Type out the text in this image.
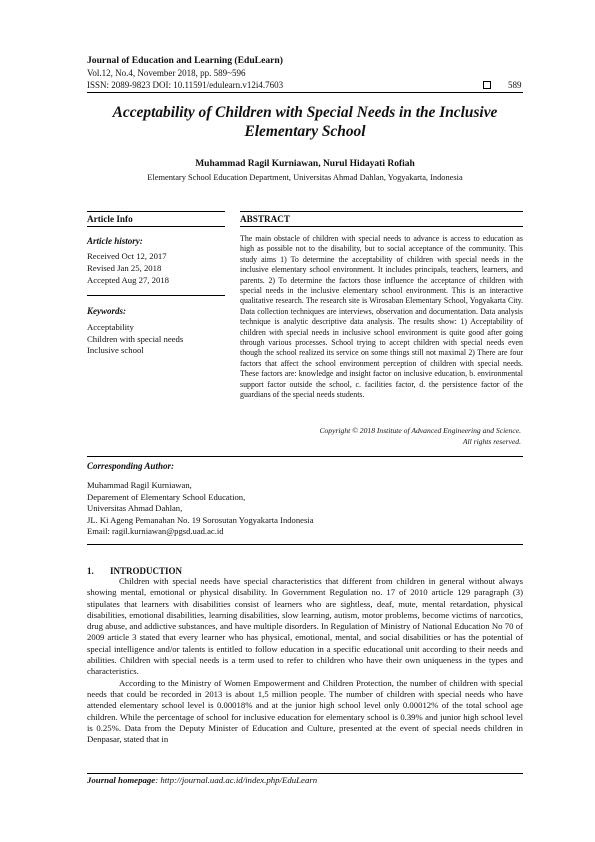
Journal of Education and Learning (EduLearn)
Vol.12, No.4, November 2018, pp. 589~596
ISSN: 2089-9823 DOI: 10.11591/edulearn.v12i4.7603	589
Acceptability of Children with Special Needs in the Inclusive Elementary School
Muhammad Ragil Kurniawan, Nurul Hidayati Rofiah
Elementary School Education Department, Universitas Ahmad Dahlan, Yogyakarta, Indonesia
Article Info	ABSTRACT
Article history:
Received Oct 12, 2017
Revised Jan 25, 2018
Accepted Aug 27, 2018
Keywords:
Acceptability
Children with special needs
Inclusive school
The main obstacle of children with special needs to advance is access to education as high as possible not to the disability, but to social acceptance of the community. This study aims 1) To determine the acceptability of children with special needs in the inclusive elementary school environment. It includes principals, teachers, learners, and parents. 2) To determine the factors those influence the acceptance of children with special needs in the inclusive elementary school environment. This is an interactive qualitative research. The research site is Wirosaban Elementary School, Yogyakarta City. Data collection techniques are interviews, observation and documentation. Data analysis technique is analytic descriptive data analysis. The results show: 1) Acceptability of children with special needs in inclusive school environment is quite good after going through various processes. School trying to accept children with special needs even though the school realized its service on some things still not maximal 2) There are four factors that affect the school environment perception of children with special needs. These factors are: knowledge and insight factor on inclusive education, b. environmental support factor outside the school, c. facilities factor, d. the persistence factor of the guardians of the special needs students.
Copyright © 2018 Institute of Advanced Engineering and Science.
All rights reserved.
Corresponding Author:
Muhammad Ragil Kurniawan,
Deparement of Elementary School Education,
Universitas Ahmad Dahlan,
JL. Ki Ageng Pemanahan No. 19 Sorosutan Yogyakarta Indonesia
Email: ragil.kurniawan@pgsd.uad.ac.id
1. INTRODUCTION

Children with special needs have special characteristics that different from children in general without always showing mental, emotional or physical disability. In Government Regulation no. 17 of 2010 article 129 paragraph (3) stipulates that learners with disabilities consist of learners who are sightless, deaf, mute, mental retardation, physical disabilities, emotional disabilities, learning disabilities, slow learning, autism, motor problems, become victims of narcotics, drug abuse, and addictive substances, and have multiple disorders. In Regulation of Ministry of National Education No 70 of 2009 article 3 stated that every learner who has physical, emotional, mental, and social disabilities or has the potential of special intelligence and/or talents is entitled to follow education in a specific educational unit according to their needs and abilities. Children with special needs is a term used to refer to children who have their own uniqueness in the types and characteristics.

According to the Ministry of Women Empowerment and Children Protection, the number of children with special needs that could be recorded in 2013 is about 1,5 million people. The number of children with special needs who have attended elementary school level is 0.00018% and at the junior high school level only 0.00012% of the total school age children. While the percentage of school for inclusive education for elementary school is 0.39% and junior high school level is 0.25%. Data from the Deputy Minister of Education and Culture, presented at the event of special needs children in Denpasar, stated that in

Journal homepage: http://journal.uad.ac.id/index.php/EduLearn
